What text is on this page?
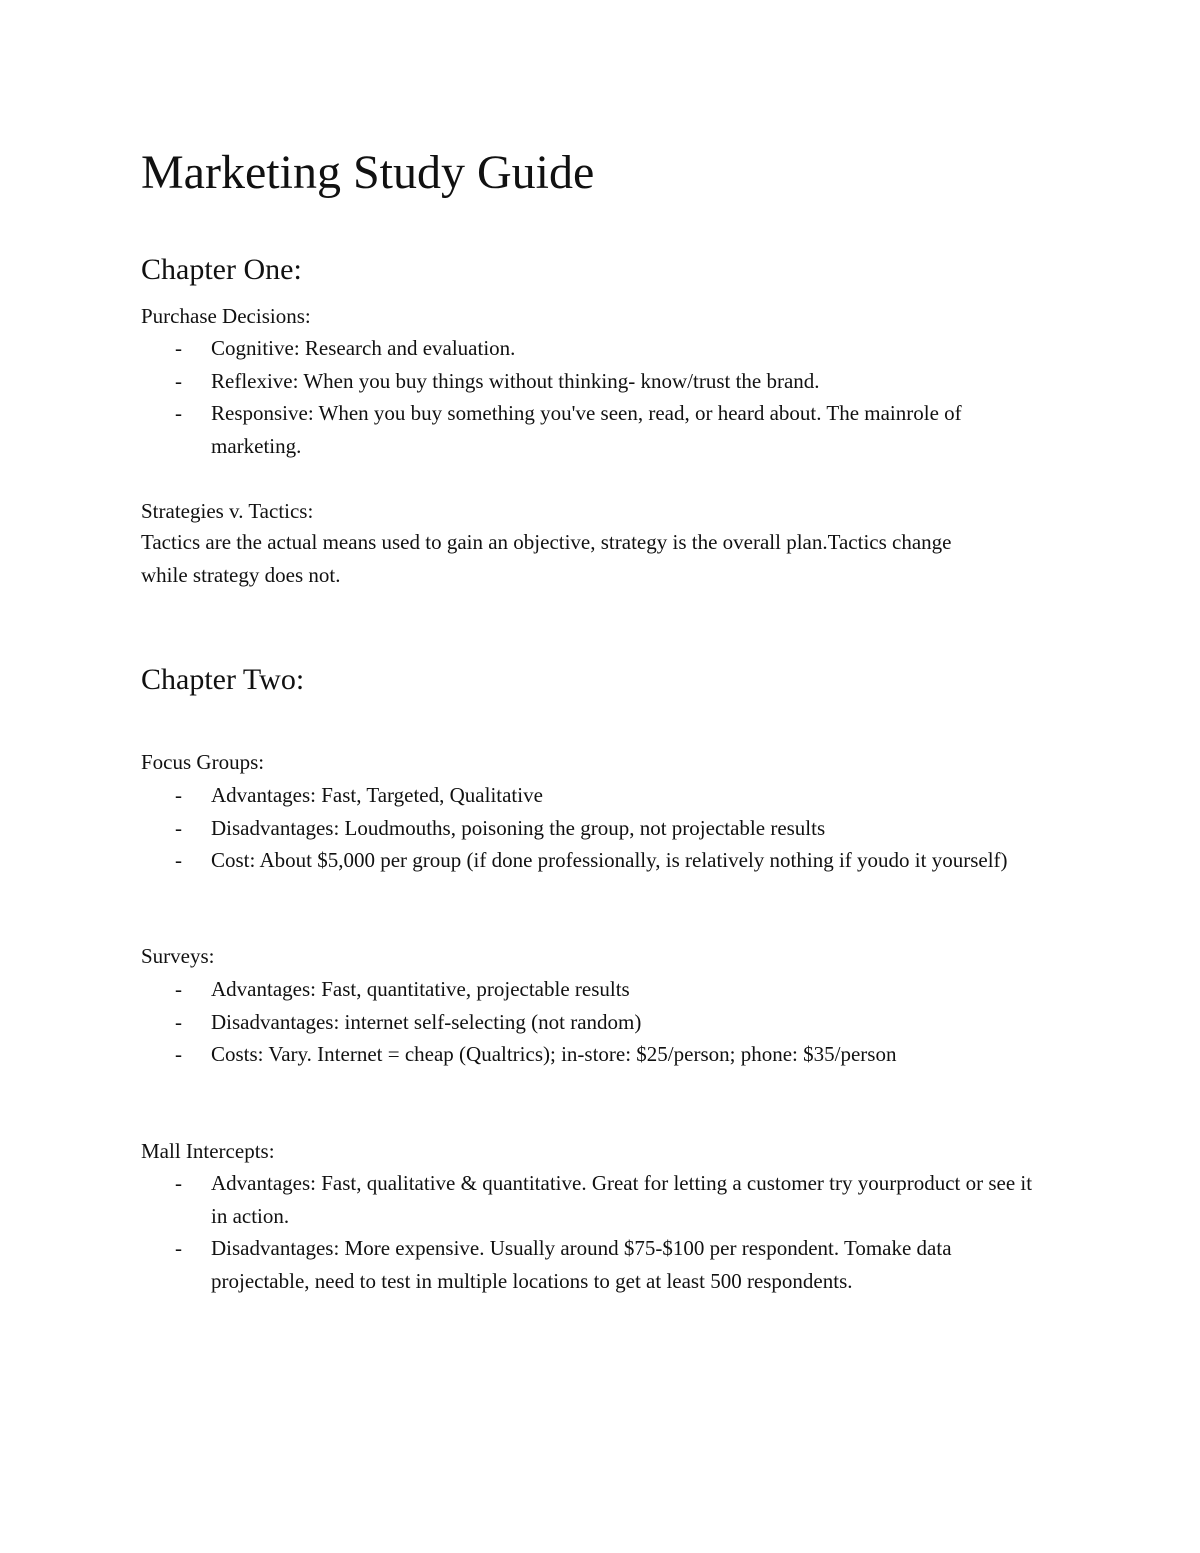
Marketing Study Guide
Chapter One:

Purchase Decisions:

- Cognitive: Research and evaluation.
- Reflexive: When you buy things without thinking- know/trust the brand.
- Responsive: When you buy something you've seen, read, or heard about. The mainrole of marketing.

Strategies v. Tactics:

Tactics are the actual means used to gain an objective, strategy is the overall plan.Tactics change while strategy does not.

Chapter Two:

Focus Groups:

- Advantages: Fast, Targeted, Qualitative
- Disadvantages: Loudmouths, poisoning the group, not projectable results
- Cost: About $5,000 per group (if done professionally, is relatively nothing if youdo it yourself)

Surveys:

- Advantages: Fast, quantitative, projectable results
- Disadvantages: internet self-selecting (not random)
- Costs: Vary. Internet = cheap (Qualtrics); in-store: $25/person; phone: $35/person

Mall Intercepts:

- Advantages: Fast, qualitative & quantitative. Great for letting a customer try yourproduct or see it in action.
- Disadvantages: More expensive. Usually around $75-$100 per respondent. Tomake data projectable, need to test in multiple locations to get at least 500 respondents.
